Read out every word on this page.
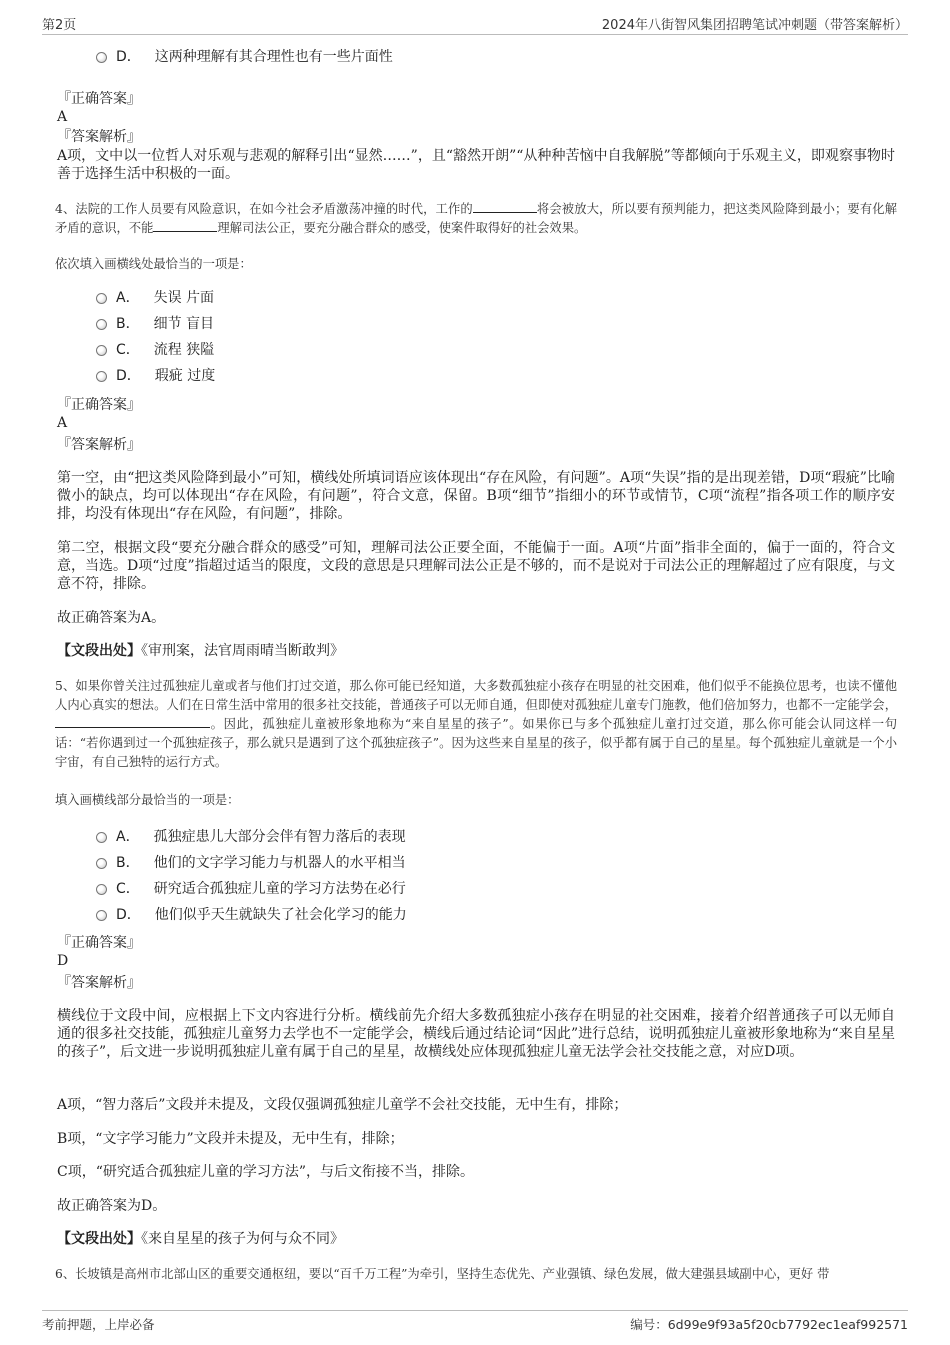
第2页	2024年八街智风集团招聘笔试冲刺题（带答案解析）
D． 这两种理解有其合理性也有一些片面性
『正确答案』
A
『答案解析』
A项，文中以一位哲人对乐观与悲观的解释引出“显然……”，且“豁然开朗”“从种种苦恼中自我解脱”等都倾向于乐观主义，即观察事物时善于选择生活中积极的一面。
4、法院的工作人员要有风险意识，在如今社会矛盾激荡冲撞的时代，工作的	将会被放大，所以要有预判能力，把这类风险降到最小；要有化解矛盾的意识，不能	理解司法公正，要充分融合群众的感受，使案件取得好的社会效果。
依次填入画横线处最恰当的一项是：
A． 失误 片面
B． 细节 盲目
C． 流程 狭隘
D． 瑕疵 过度
『正确答案』
A
『答案解析』
第一空，由“把这类风险降到最小”可知，横线处所填词语应该体现出“存在风险，有问题”。A项“失误”指的是出现差错，D项“瑕疵”比喻微小的缺点，均可以体现出“存在风险，有问题”，符合文意，保留。B项“细节”指细小的环节或情节，C项“流程”指各项工作的顺序安排，均没有体现出“存在风险，有问题”，排除。
第二空，根据文段“要充分融合群众的感受”可知，理解司法公正要全面，不能偏于一面。A项“片面”指非全面的，偏于一面的，符合文意，当选。D项“过度”指超过适当的限度，文段的意思是只理解司法公正是不够的，而不是说对于司法公正的理解超过了应有限度，与文意不符，排除。
故正确答案为A。
【文段出处】《审刑案，法官周雨晴当断敢判》
5、如果你曾关注过孤独症儿童或者与他们打过交道，那么你可能已经知道，大多数孤独症小孩存在明显的社交困难，他们似乎不能换位思考，也读不懂他人内心真实的想法。人们在日常生活中常用的很多社交技能，普通孩子可以无师自通，但即使对孤独症儿童专门施教，他们倍加努力，也都不一定能学会，。因此，孤独症儿童被形象地称为“来自星星的孩子”。如果你已与多个孤独症儿童打过交道，那么你可能会认同这样一句话：“若你遇到过一个孤独症孩子，那么就只是遇到了这个孤独症孩子”。因为这些来自星星的孩子，似乎都有属于自己的星星。每个孤独症儿童就是一个小宇宙，有自己独特的运行方式。
填入画横线部分最恰当的一项是：
A． 孤独症患儿大部分会伴有智力落后的表现
B． 他们的文字学习能力与机器人的水平相当
C． 研究适合孤独症儿童的学习方法势在必行
D． 他们似乎天生就缺失了社会化学习的能力
『正确答案』
D
『答案解析』
横线位于文段中间，应根据上下文内容进行分析。横线前先介绍大多数孤独症小孩存在明显的社交困难，接着介绍普通孩子可以无师自通的很多社交技能，孤独症儿童努力去学也不一定能学会，横线后通过结论词“因此”进行总结，说明孤独症儿童被形象地称为“来自星星的孩子”，后文进一步说明孤独症儿童有属于自己的星星，故横线处应体现孤独症儿童无法学会社交技能之意，对应D项。
A项，“智力落后”文段并未提及，文段仅强调孤独症儿童学不会社交技能，无中生有，排除；
B项，“文字学习能力”文段并未提及，无中生有，排除；
C项，“研究适合孤独症儿童的学习方法”，与后文衔接不当，排除。
故正确答案为D。
【文段出处】《来自星星的孩子为何与众不同》
6、长坡镇是高州市北部山区的重要交通枢纽，要以“百千万工程”为牵引，坚持生态优先、产业强镇、绿色发展，做大建强县域副中心，更好 带
考前押题，上岸必备	编号：6d99e9f93a5f20cb7792ec1eaf992571
